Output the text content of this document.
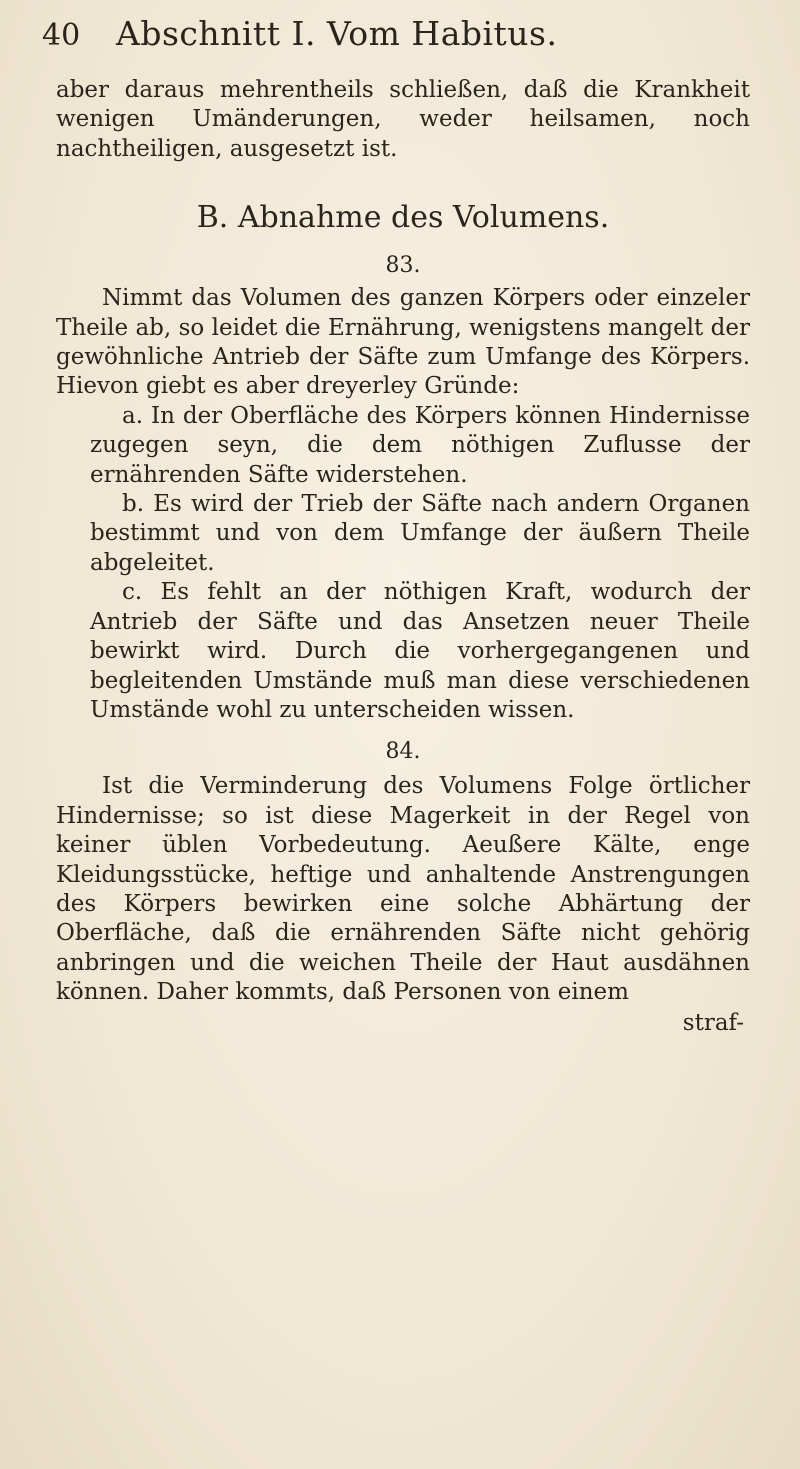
40 Abschnitt I. Vom Habitus.

aber daraus mehrentheils schließen, daß die Krankheit wenigen Umänderungen, weder heilsamen, noch nachtheiligen, ausgesetzt ist.

B. Abnahme des Volumens.
83.

Nimmt das Volumen des ganzen Körpers oder einzeler Theile ab, so leidet die Ernährung, wenigstens mangelt der gewöhnliche Antrieb der Säfte zum Umfange des Körpers. Hievon giebt es aber dreyerley Gründe:

a. In der Oberfläche des Körpers können Hindernisse zugegen seyn, die dem nöthigen Zuflusse der ernährenden Säfte widerstehen.

b. Es wird der Trieb der Säfte nach andern Organen bestimmt und von dem Umfange der äußern Theile abgeleitet.

c. Es fehlt an der nöthigen Kraft, wodurch der Antrieb der Säfte und das Ansetzen neuer Theile bewirkt wird. Durch die vorhergegangenen und begleitenden Umstände muß man diese verschiedenen Umstände wohl zu unterscheiden wissen.

84.

Ist die Verminderung des Volumens Folge örtlicher Hindernisse; so ist diese Magerkeit in der Regel von keiner üblen Vorbedeutung. Aeußere Kälte, enge Kleidungsstücke, heftige und anhaltende Anstrengungen des Körpers bewirken eine solche Abhärtung der Oberfläche, daß die ernährenden Säfte nicht gehörig anbringen und die weichen Theile der Haut ausdähnen können. Daher kommts, daß Personen von einem

straf-
